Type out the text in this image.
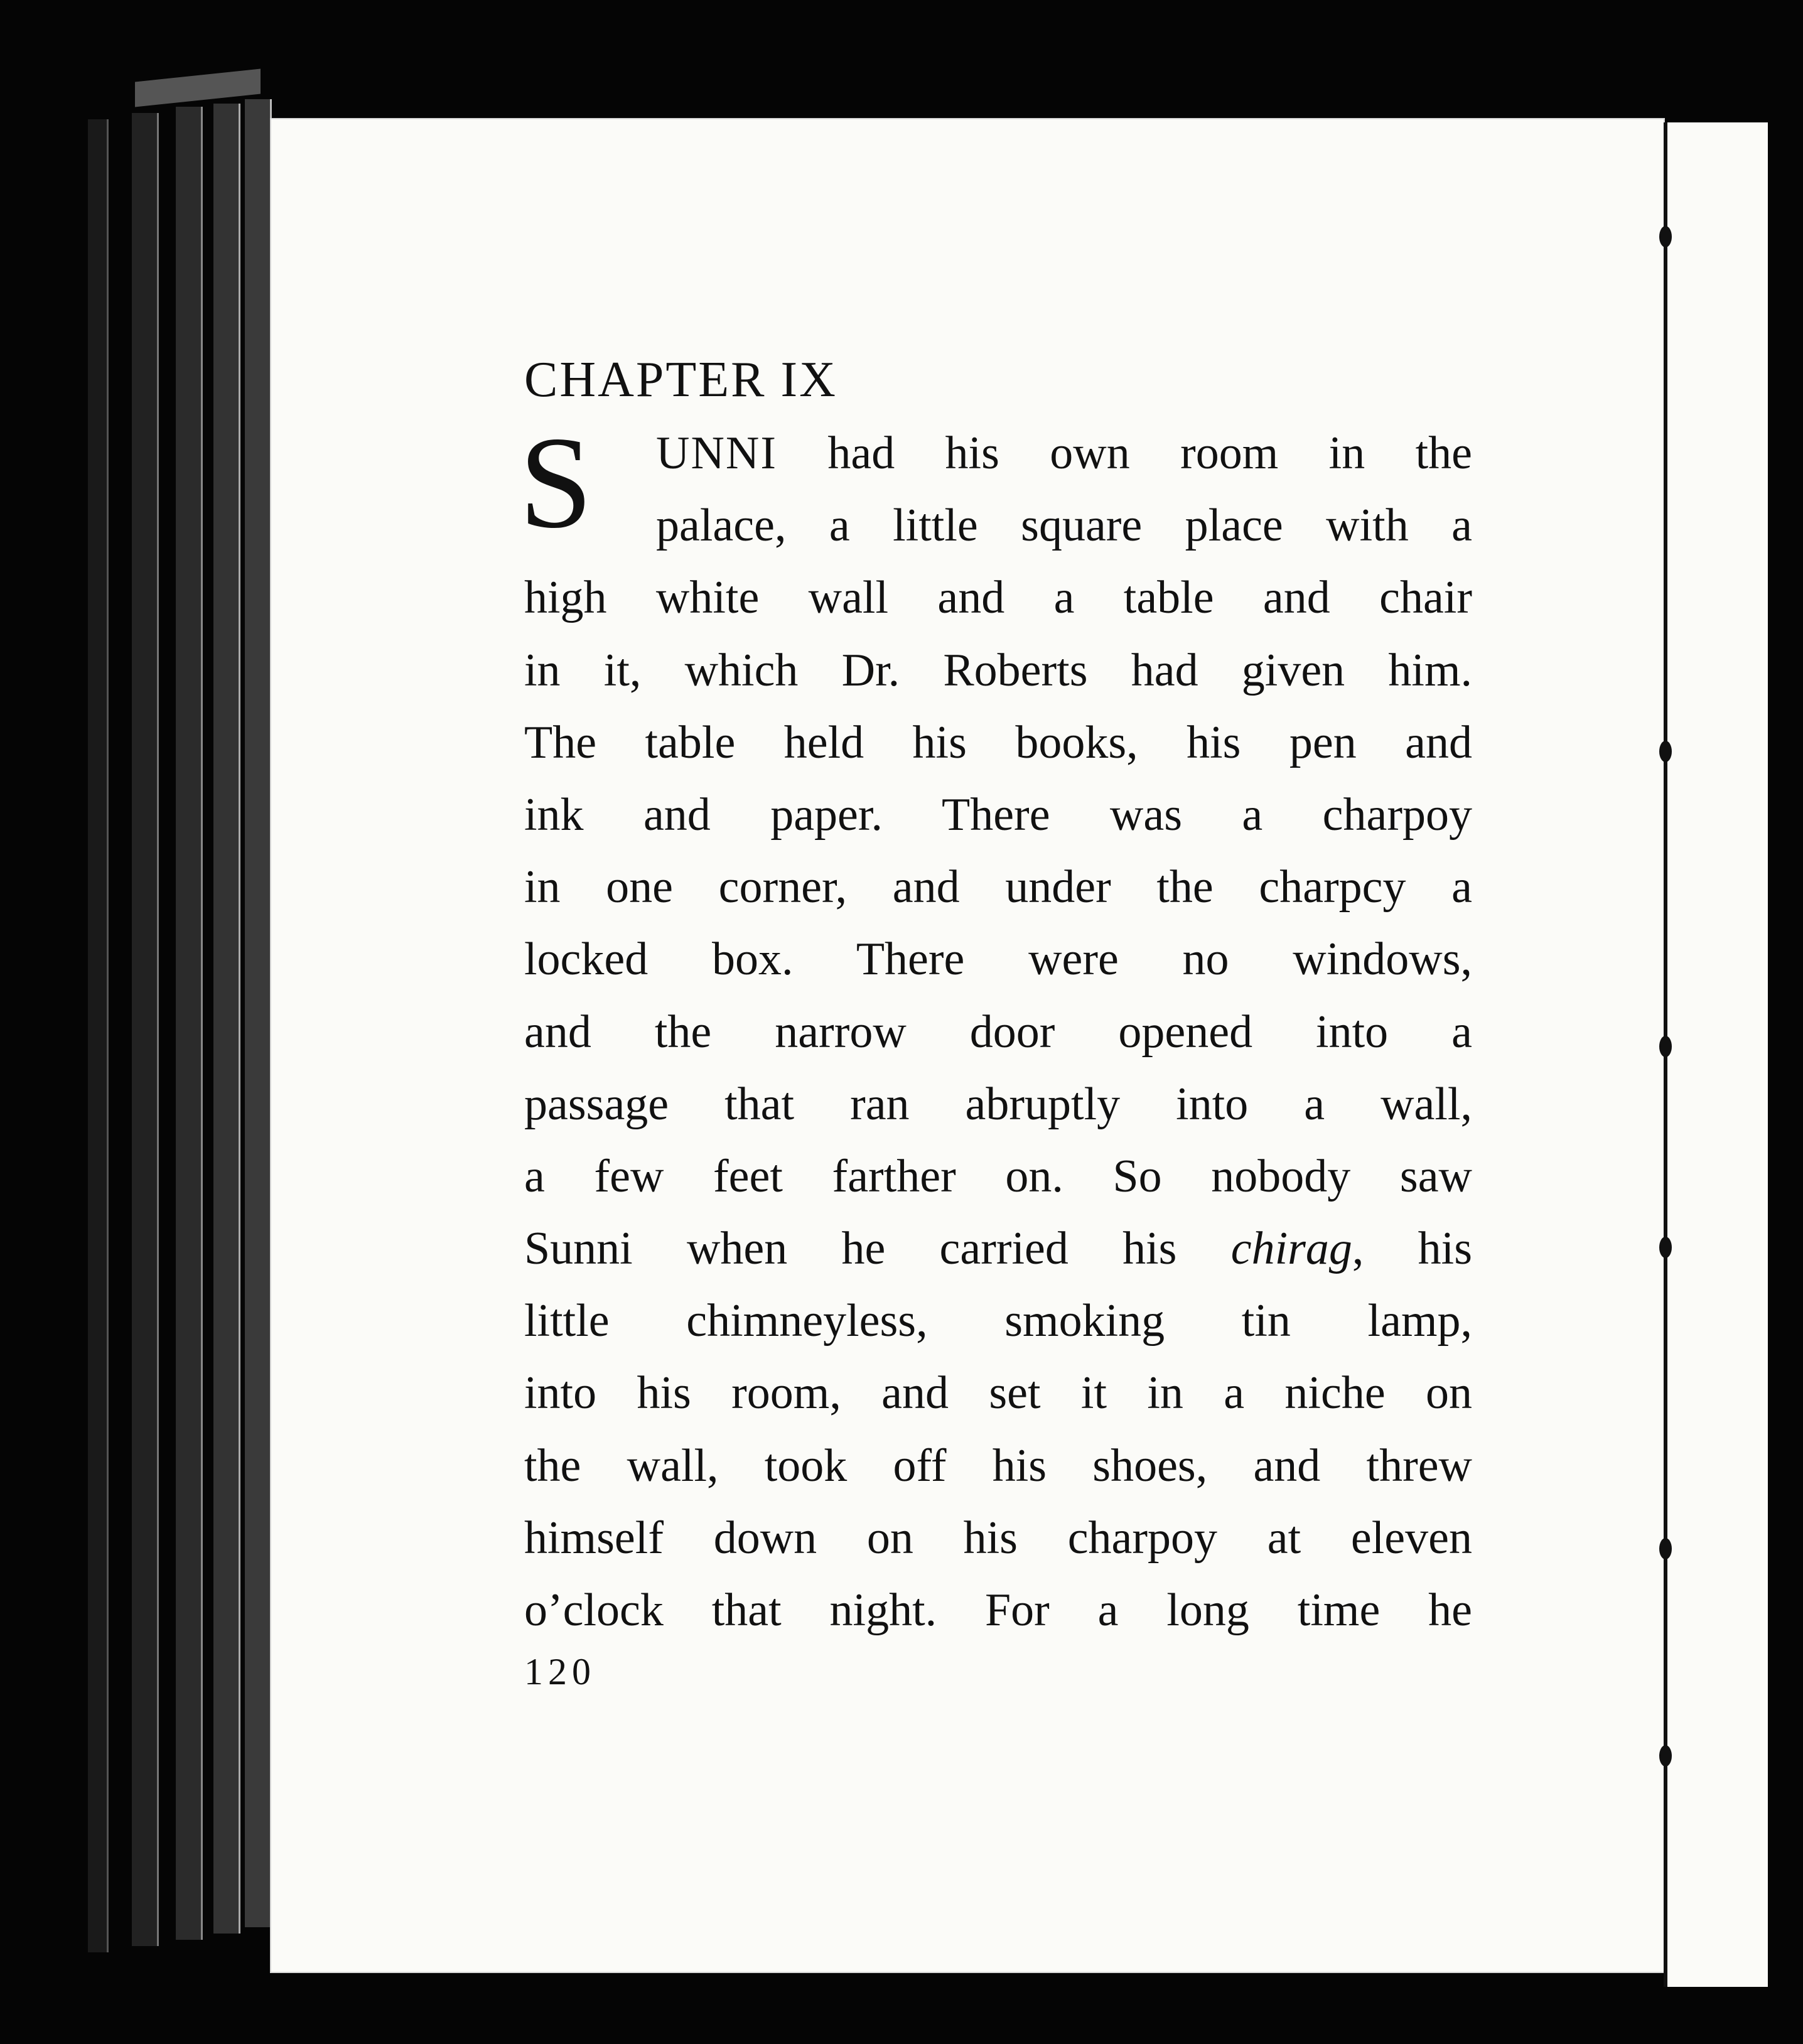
CHAPTER IX
S UNNI had his own room in the
palace, a little square place with a
high white wall and a table and chair
in it, which Dr. Roberts had given him.
The table held his books, his pen and
ink and paper. There was a charpoy
in one corner, and under the charpcy a
locked box. There were no windows,
and the narrow door opened into a
passage that ran abruptly into a wall,
a few feet farther on. So nobody saw
Sunni when he carried his chirag, his
little chimneyless, smoking tin lamp,
into his room, and set it in a niche on
the wall, took off his shoes, and threw
himself down on his charpoy at eleven
o’clock that night. For a long time he
120
